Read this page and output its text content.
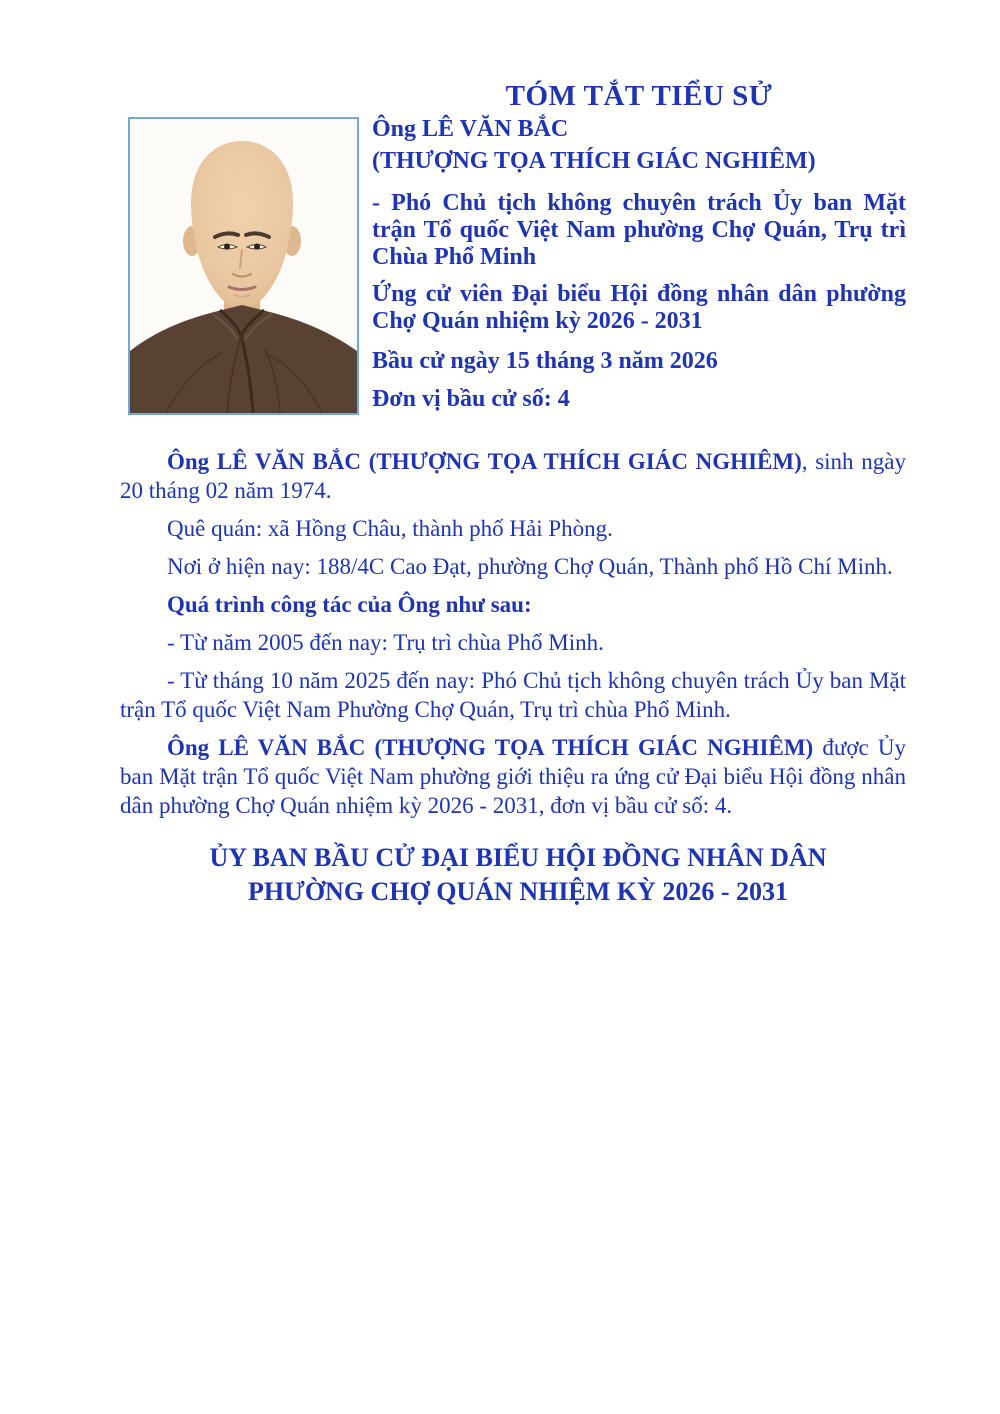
TÓM TẮT TIỂU SỬ

Ông LÊ VĂN BẮC

(THƯỢNG TỌA THÍCH GIÁC NGHIÊM)

- Phó Chủ tịch không chuyên trách Ủy ban Mặt trận Tổ quốc Việt Nam phường Chợ Quán, Trụ trì Chùa Phổ Minh

Ứng cử viên Đại biểu Hội đồng nhân dân phường Chợ Quán nhiệm kỳ 2026 - 2031

Bầu cử ngày 15 tháng 3 năm 2026

Đơn vị bầu cử số: 4

Ông LÊ VĂN BẮC (THƯỢNG TỌA THÍCH GIÁC NGHIÊM), sinh ngày 20 tháng 02 năm 1974.

Quê quán: xã Hồng Châu, thành phố Hải Phòng.

Nơi ở hiện nay: 188/4C Cao Đạt, phường Chợ Quán, Thành phố Hồ Chí Minh.

Quá trình công tác của Ông như sau:

- Từ năm 2005 đến nay: Trụ trì chùa Phổ Minh.

- Từ tháng 10 năm 2025 đến nay: Phó Chủ tịch không chuyên trách Ủy ban Mặt trận Tổ quốc Việt Nam Phường Chợ Quán, Trụ trì chùa Phổ Minh.

Ông LÊ VĂN BẮC (THƯỢNG TỌA THÍCH GIÁC NGHIÊM) được Ủy ban Mặt trận Tổ quốc Việt Nam phường giới thiệu ra ứng cử Đại biểu Hội đồng nhân dân phường Chợ Quán nhiệm kỳ 2026 - 2031, đơn vị bầu cử số: 4.

ỦY BAN BẦU CỬ ĐẠI BIỂU HỘI ĐỒNG NHÂN DÂN

PHƯỜNG CHỢ QUÁN NHIỆM KỲ 2026 - 2031
